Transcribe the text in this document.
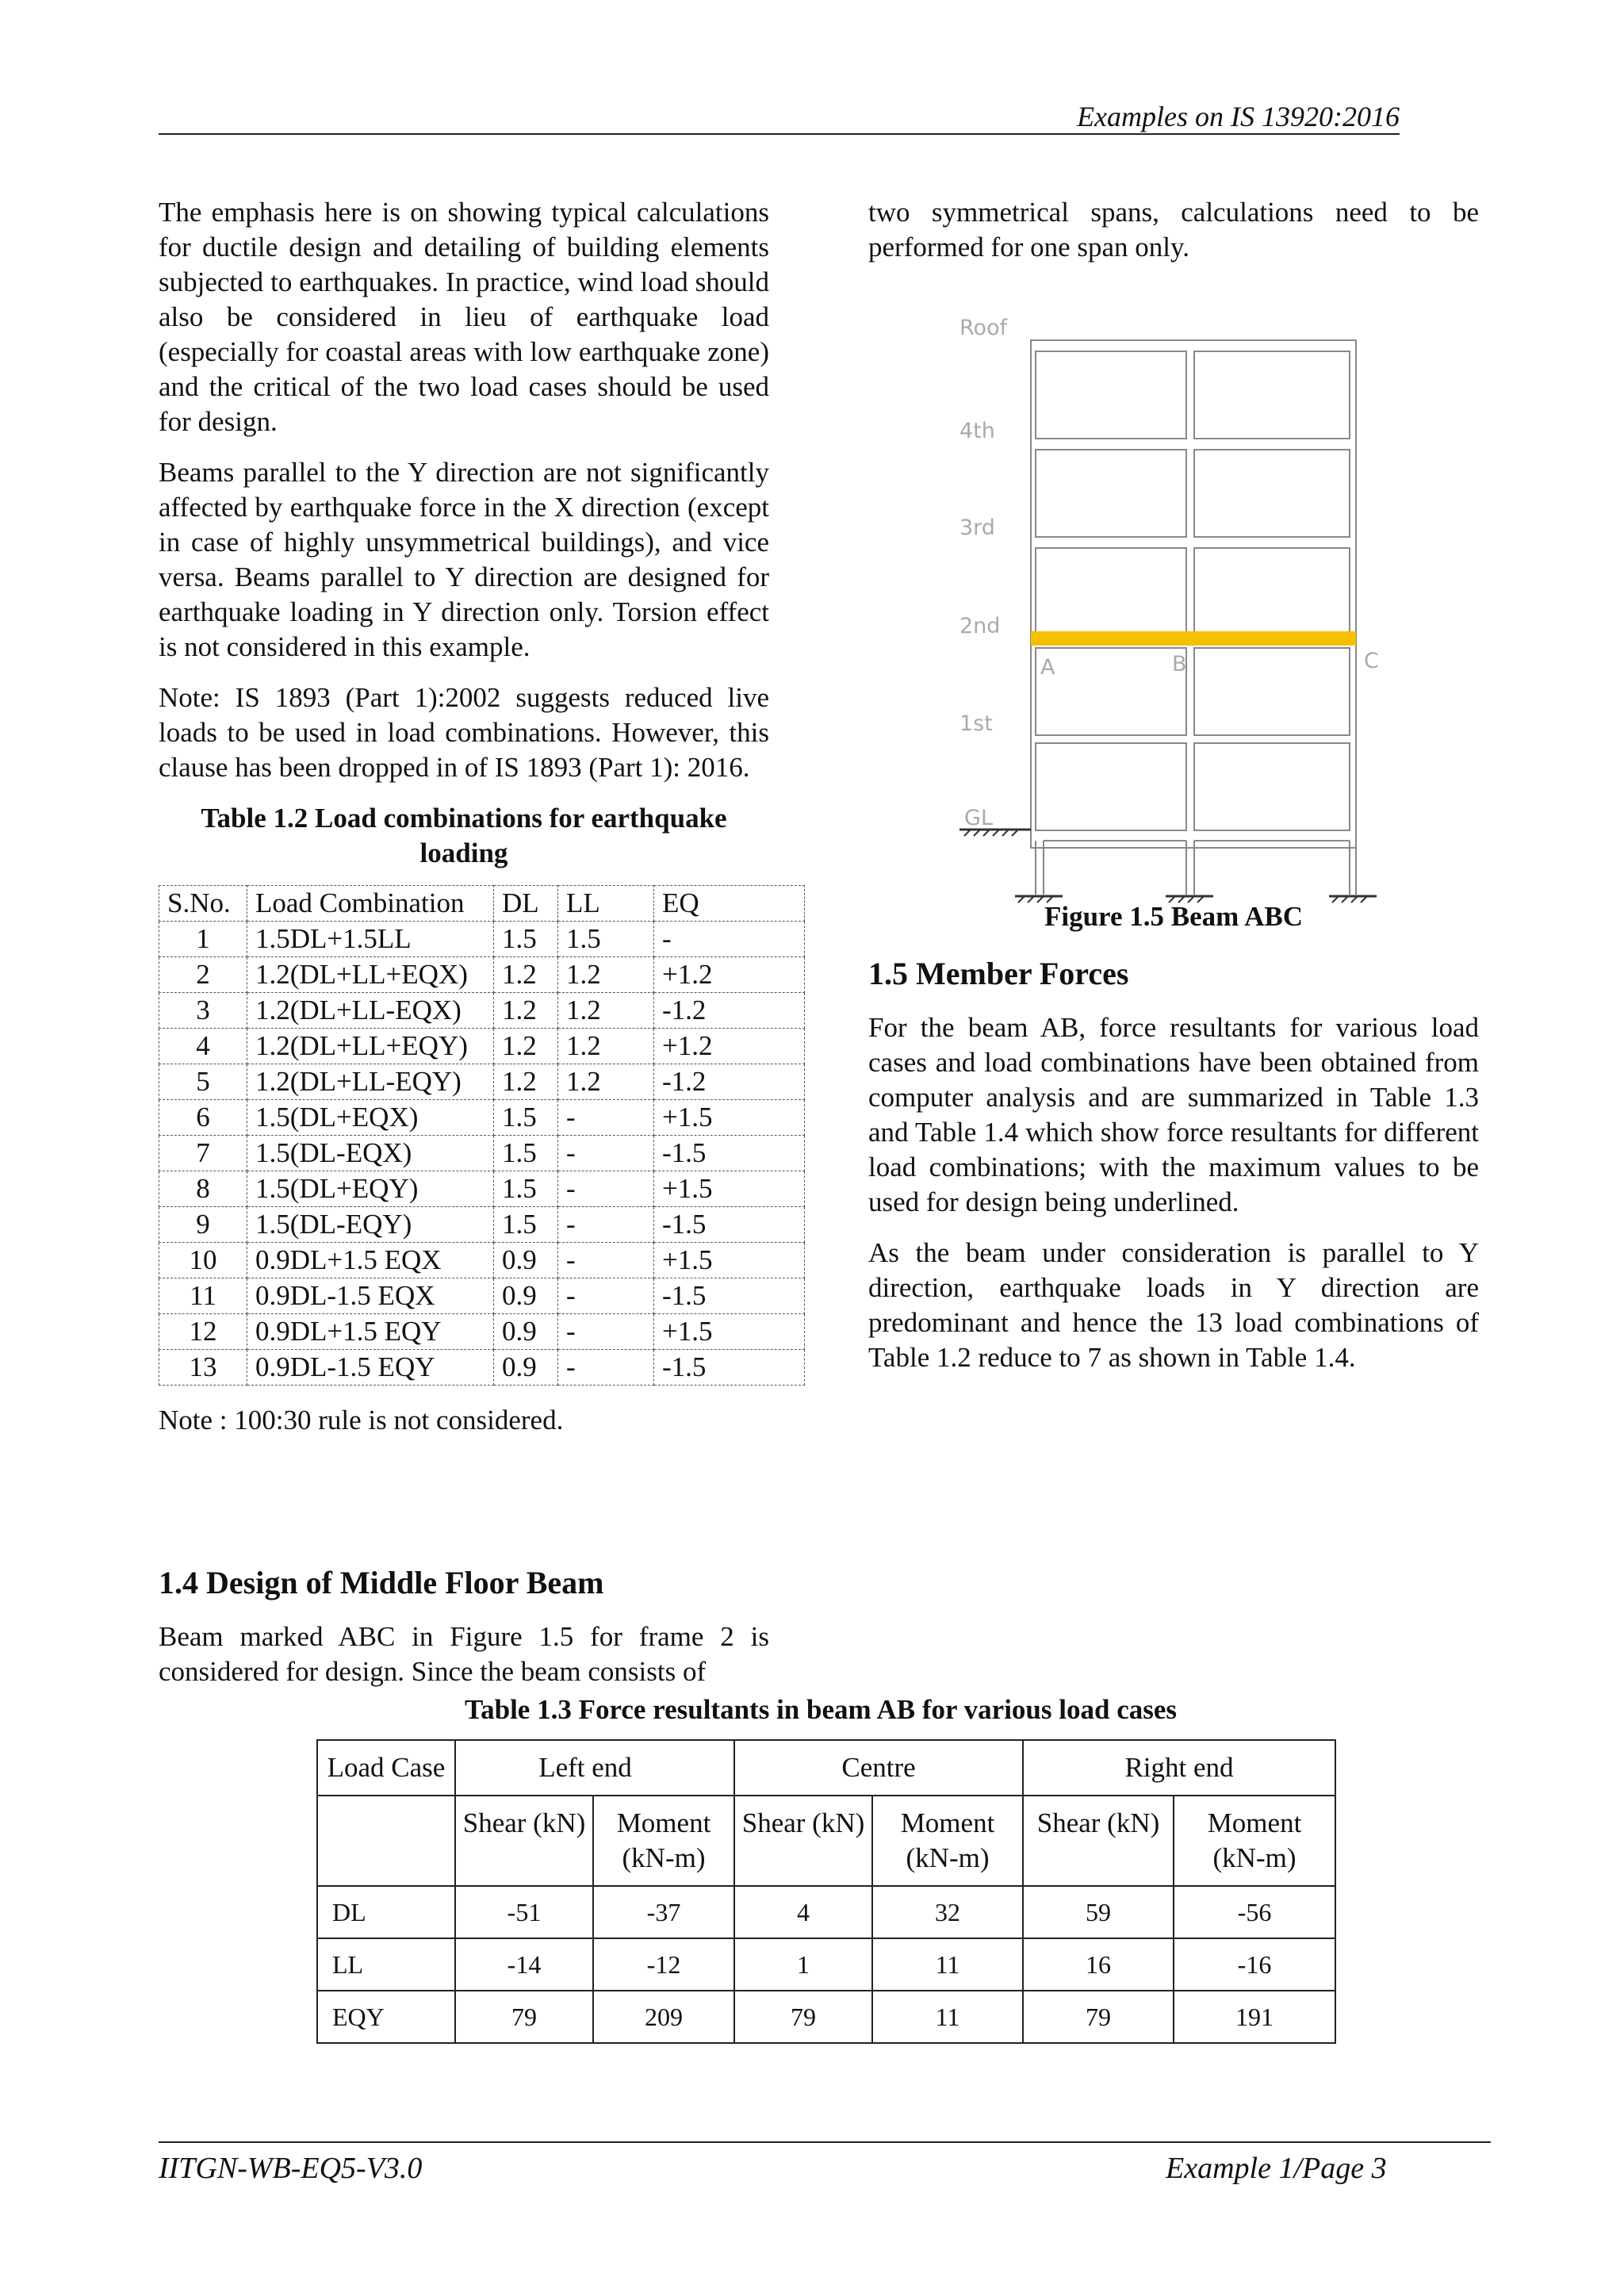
Examples on IS 13920:2016

The emphasis here is on showing typical calculations for ductile design and detailing of building elements subjected to earthquakes. In practice, wind load should also be considered in lieu of earthquake load (especially for coastal areas with low earthquake zone) and the critical of the two load cases should be used for design.

Beams parallel to the Y direction are not significantly affected by earthquake force in the X direction (except in case of highly unsymmetrical buildings), and vice versa. Beams parallel to Y direction are designed for earthquake loading in Y direction only. Torsion effect is not considered in this example.

Note: IS 1893 (Part 1):2002 suggests reduced live loads to be used in load combinations. However, this clause has been dropped in of IS 1893 (Part 1): 2016.

Table 1.2 Load combinations for earthquake loading
S.No.	Load Combination	DL	LL	EQ
1	1.5DL+1.5LL	1.5	1.5	-
2	1.2(DL+LL+EQX)	1.2	1.2	+1.2
3	1.2(DL+LL-EQX)	1.2	1.2	-1.2
4	1.2(DL+LL+EQY)	1.2	1.2	+1.2
5	1.2(DL+LL-EQY)	1.2	1.2	-1.2
6	1.5(DL+EQX)	1.5	-	+1.5
7	1.5(DL-EQX)	1.5	-	-1.5
8	1.5(DL+EQY)	1.5	-	+1.5
9	1.5(DL-EQY)	1.5	-	-1.5
10	0.9DL+1.5 EQX	0.9	-	+1.5
11	0.9DL-1.5 EQX	0.9	-	-1.5
12	0.9DL+1.5 EQY	0.9	-	+1.5
13	0.9DL-1.5 EQY	0.9	-	-1.5

Note : 100:30 rule is not considered.

1.4 Design of Middle Floor Beam

Beam marked ABC in Figure 1.5 for frame 2 is considered for design. Since the beam consists of

two symmetrical spans, calculations need to be performed for one span only.

Figure 1.5 Beam ABC

1.5 Member Forces

For the beam AB, force resultants for various load cases and load combinations have been obtained from computer analysis and are summarized in Table 1.3 and Table 1.4 which show force resultants for different load combinations; with the maximum values to be used for design being underlined.

As the beam under consideration is parallel to Y direction, earthquake loads in Y direction are predominant and hence the 13 load combinations of Table 1.2 reduce to 7 as shown in Table 1.4.

Roof
4th
3rd
2nd
1st
GL
A	B	C
Table 1.3 Force resultants in beam AB for various load cases
Load Case	Left end		Centre		Right end	
	Shear (kN)	Moment (kN-m)	Shear (kN)	Moment (kN-m)	Shear (kN)	Moment (kN-m)
DL	-51	-37	4	32	59	-56
LL	-14	-12	1	11	16	-16
EQY	79	209	79	11	79	191
IITGN-WB-EQ5-V3.0	Example 1/Page 3
